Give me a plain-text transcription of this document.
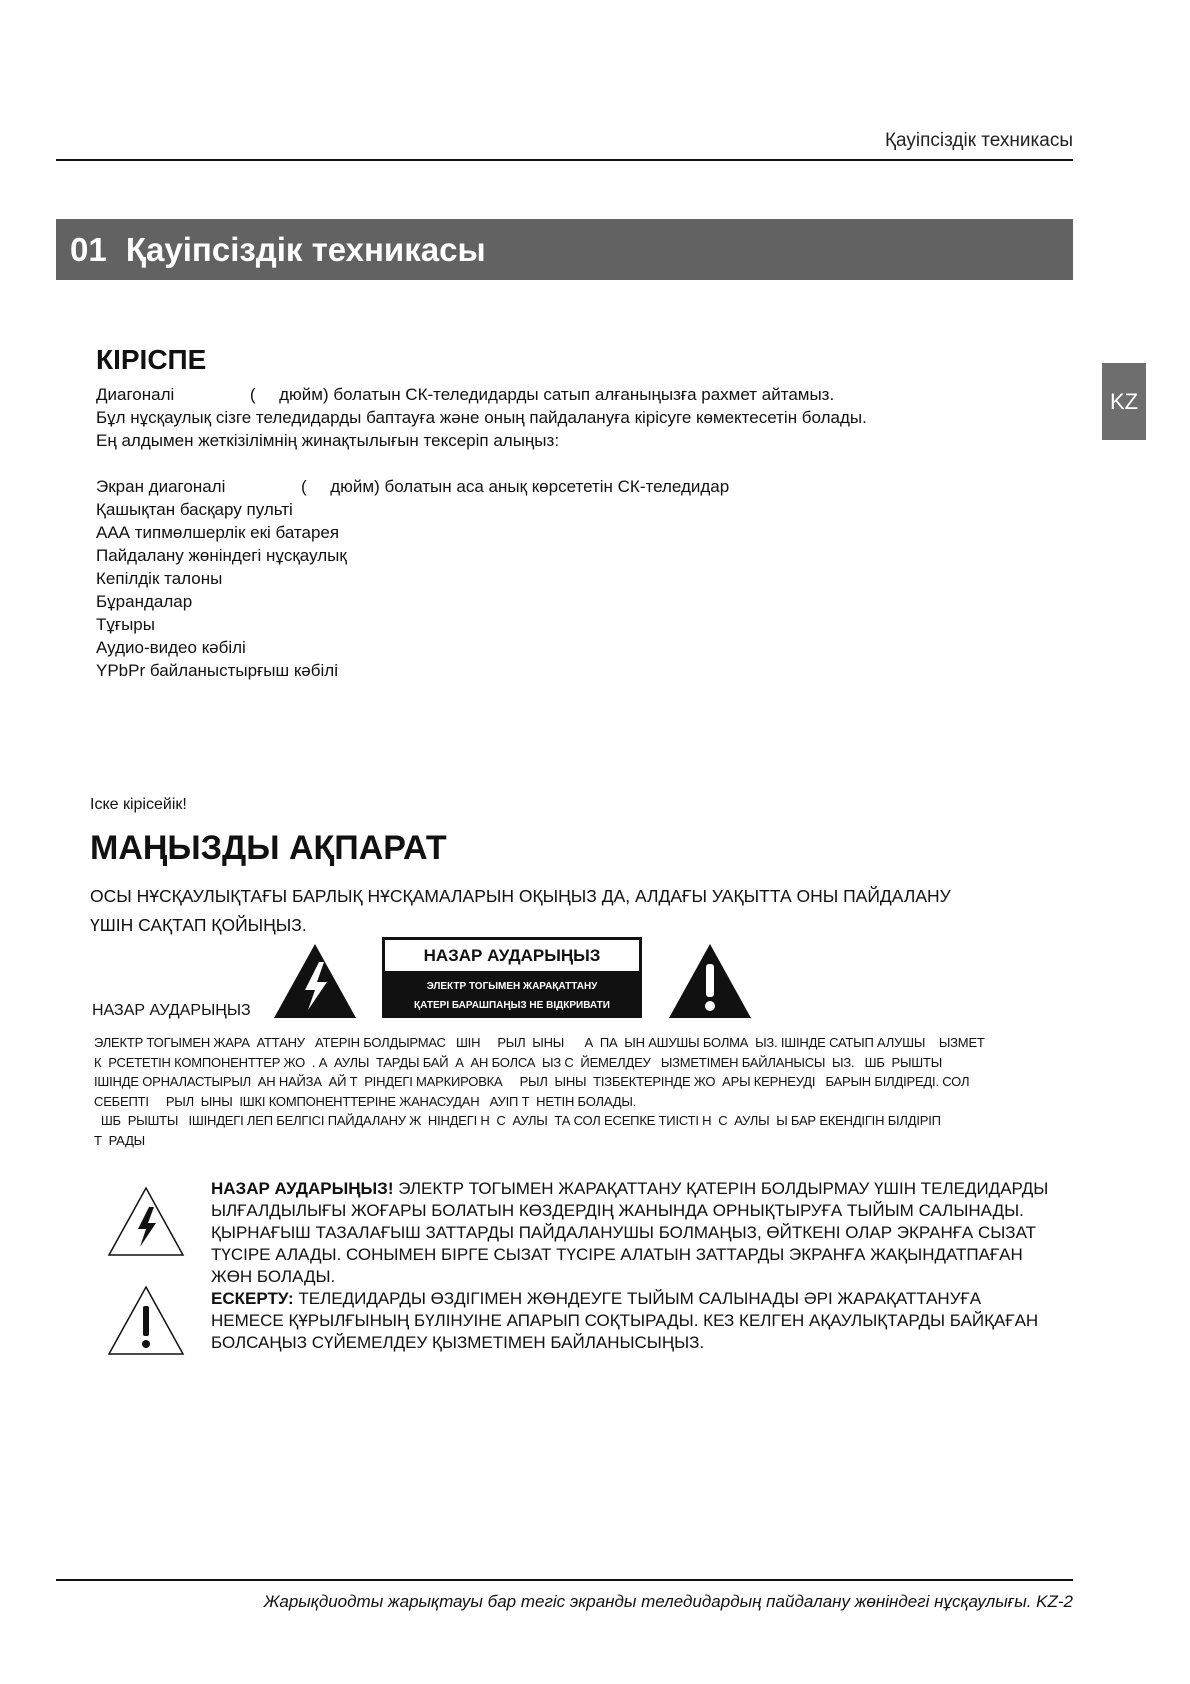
Қауіпсіздік техникасы
01 Қауіпсіздік техникасы
KZ
КІРІСПЕ

Диагоналі                (     дюйм) болатын СК-теледидарды сатып алғаныңызға рахмет айтамыз.

Бұл нұсқаулық сізге теледидарды баптауға және оның пайдалануға кірісуге көмектесетін болады.

Ең алдымен жеткізілімнің жинақтылығын тексеріп алыңыз:

Экран диагоналі                (     дюйм) болатын аса анық көрсететін СК-теледидар

Қашықтан басқару пульті

ААА типмөлшерлік екі батарея

Пайдалану жөніндегі нұсқаулық

Кепілдік талоны

Бұрандалар

Тұғыры

Аудио-видео кәбілі

YPbPr байланыстырғыш кәбілі

Іске кірісейік!
МАҢЫЗДЫ АҚПАРАТ

ОСЫ НҰСҚАУЛЫҚТАҒЫ БАРЛЫҚ НҰСҚАМАЛАРЫН ОҚЫҢЫЗ ДА, АЛДАҒЫ УАҚЫТТА ОНЫ ПАЙДАЛАНУ

ҮШІН САҚТАП ҚОЙЫҢЫЗ.

НАЗАР АУДАРЫҢЫЗ
НАЗАР АУДАРЫҢЫЗ
ЭЛЕКТР ТОГЫМЕН ЖАРАҚАТТАНУ
ҚАТЕРІ БАРАШПАҢЫЗ НЕ ВІДКРИВАТИ

ЭЛЕКТР ТОГЫМЕН ЖАРА  АТТАНУ   АТЕРІН БОЛДЫРМАС   ШІН     РЫЛ  ЫНЫ      А  ПА  ЫН АШУШЫ БОЛМА  ЫЗ. ІШІНДЕ САТЫП АЛУШЫ    ЫЗМЕТ

К  РСЕТЕТІН КОМПОНЕНТТЕР ЖО  . А  АУЛЫ  ТАРДЫ БАЙ  А  АН БОЛСА  ЫЗ С  ЙЕМЕЛДЕУ   ЫЗМЕТІМЕН БАЙЛАНЫСЫ  ЫЗ.   ШБ  РЫШТЫ

ІШІНДЕ ОРНАЛАСТЫРЫЛ  АН НАЙЗА  АЙ Т  РІНДЕГІ МАРКИРОВКА     РЫЛ  ЫНЫ  ТІЗБЕКТЕРІНДЕ ЖО  АРЫ КЕРНЕУДІ   БАРЫН БІЛДІРЕДІ. СОЛ

СЕБЕПТІ     РЫЛ  ЫНЫ  ІШКІ КОМПОНЕНТТЕРІНЕ ЖАНАСУДАН   АУІП Т  НЕТІН БОЛАДЫ.

ШБ  РЫШТЫ   ІШІНДЕГІ ЛЕП БЕЛГІСІ ПАЙДАЛАНУ Ж  НІНДЕГІ Н  С  АУЛЫ  ТА СОЛ ЕСЕПКЕ ТИІСТІ Н  С  АУЛЫ  Ы БАР ЕКЕНДІГІН БІЛДІРІП

Т  РАДЫ

НАЗАР АУДАРЫҢЫЗ! ЭЛЕКТР ТОГЫМЕН ЖАРАҚАТТАНУ ҚАТЕРІН БОЛДЫРМАУ ҮШІН ТЕЛЕДИДАРДЫ ЫЛҒАЛДЫЛЫҒЫ ЖОҒАРЫ БОЛАТЫН КӨЗДЕРДІҢ ЖАНЫНДА ОРНЫҚТЫРУҒА ТЫЙЫМ САЛЫНАДЫ. ҚЫРНАҒЫШ ТАЗАЛАҒЫШ ЗАТТАРДЫ ПАЙДАЛАНУШЫ БОЛМАҢЫЗ, ӨЙТКЕНІ ОЛАР ЭКРАНҒА СЫЗАТ ТҮСІРЕ АЛАДЫ. СОНЫМЕН БІРГЕ СЫЗАТ ТҮСІРЕ АЛАТЫН ЗАТТАРДЫ ЭКРАНҒА ЖАҚЫНДАТПАҒАН ЖӨН БОЛАДЫ.

ЕСКЕРТУ: ТЕЛЕДИДАРДЫ ӨЗДІГІМЕН ЖӨНДЕУГЕ ТЫЙЫМ САЛЫНАДЫ ӘРІ ЖАРАҚАТТАНУҒА НЕМЕСЕ ҚҰРЫЛҒЫНЫҢ БҮЛІНУІНЕ АПАРЫП СОҚТЫРАДЫ. КЕЗ КЕЛГЕН АҚАУЛЫҚТАРДЫ БАЙҚАҒАН БОЛСАҢЫЗ СҮЙЕМЕЛДЕУ ҚЫЗМЕТІМЕН БАЙЛАНЫСЫҢЫЗ.

Жарықдиодты жарықтауы бар тегіс экранды теледидардың пайдалану жөніндегі нұсқаулығы. KZ-2
